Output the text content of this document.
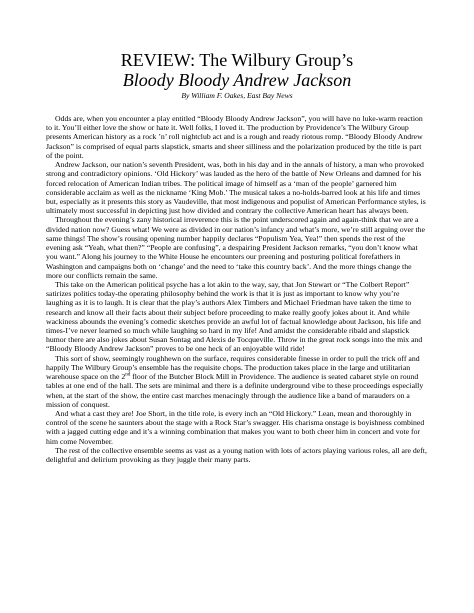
REVIEW: The Wilbury Group’s
Bloody Bloody Andrew Jackson
By William F. Oakes, East Bay News

Odds are, when you encounter a play entitled “Bloody Bloody Andrew Jackson”, you will have no luke-warm reaction to it. You’ll either love the show or hate it. Well folks, I loved it. The production by Providence’s The Wilbury Group presents American history as a rock ’n’ roll nightclub act and is a rough and ready riotous romp. “Bloody Bloody Andrew Jackson” is comprised of equal parts slapstick, smarts and sheer silliness and the polarization produced by the title is part of the point.

Andrew Jackson, our nation’s seventh President, was, both in his day and in the annals of history, a man who provoked strong and contradictory opinions. ‘Old Hickory’ was lauded as the hero of the battle of New Orleans and damned for his forced relocation of American Indian tribes. The political image of himself as a ‘man of the people’ garnered him considerable acclaim as well as the nickname ‘King Mob.’ The musical takes a no-holds-barred look at his life and times but, especially as it presents this story as Vaudeville, that most indigenous and populist of American Performance styles, is ultimately most successful in depicting just how divided and contrary the collective American heart has always been.

Throughout the evening’s zany historical irreverence this is the point underscored again and again-think that we are a divided nation now? Guess what! We were as divided in our nation’s infancy and what’s more, we’re still arguing over the same things! The show’s rousing opening number happily declares “Populism Yea, Yea!” then spends the rest of the evening ask “Yeah, what then?” “People are confusing”, a despairing President Jackson remarks, “you don’t know what you want.” Along his journey to the White House he encounters our preening and posturing political forefathers in Washington and campaigns both on ‘change’ and the need to ‘take this country back’. And the more things change the more our conflicts remain the same.

This take on the American political psyche has a lot akin to the way, say, that Jon Stewart or “The Colbert Report” satirizes politics today-the operating philosophy behind the work is that it is just as important to know why you’re laughing as it is to laugh. It is clear that the play’s authors Alex Timbers and Michael Friedman have taken the time to research and know all their facts about their subject before proceeding to make really goofy jokes about it. And while wackiness abounds the evening’s comedic sketches provide an awful lot of factual knowledge about Jackson, his life and times-I’ve never learned so much while laughing so hard in my life! And amidst the considerable ribald and slapstick humor there are also jokes about Susan Sontag and Alexis de Tocqueville. Throw in the great rock songs into the mix and “Bloody Bloody Andrew Jackson” proves to be one heck of an enjoyable wild ride!

This sort of show, seemingly roughhewn on the surface, requires considerable finesse in order to pull the trick off and happily The Wilbury Group’s ensemble has the requisite chops. The production takes place in the large and utilitarian warehouse space on the 2nd floor of the Butcher Block Mill in Providence. The audience is seated cabaret style on round tables at one end of the hall. The sets are minimal and there is a definite underground vibe to these proceedings especially when, at the start of the show, the entire cast marches menacingly through the audience like a band of marauders on a mission of conquest.

And what a cast they are! Joe Short, in the title role, is every inch an “Old Hickory.” Lean, mean and thoroughly in control of the scene he saunters about the stage with a Rock Star’s swagger. His charisma onstage is boyishness combined with a jagged cutting edge and it’s a winning combination that makes you want to both cheer him in concert and vote for him come November.

The rest of the collective ensemble seems as vast as a young nation with lots of actors playing various roles, all are deft, delightful and delirium provoking as they juggle their many parts.
